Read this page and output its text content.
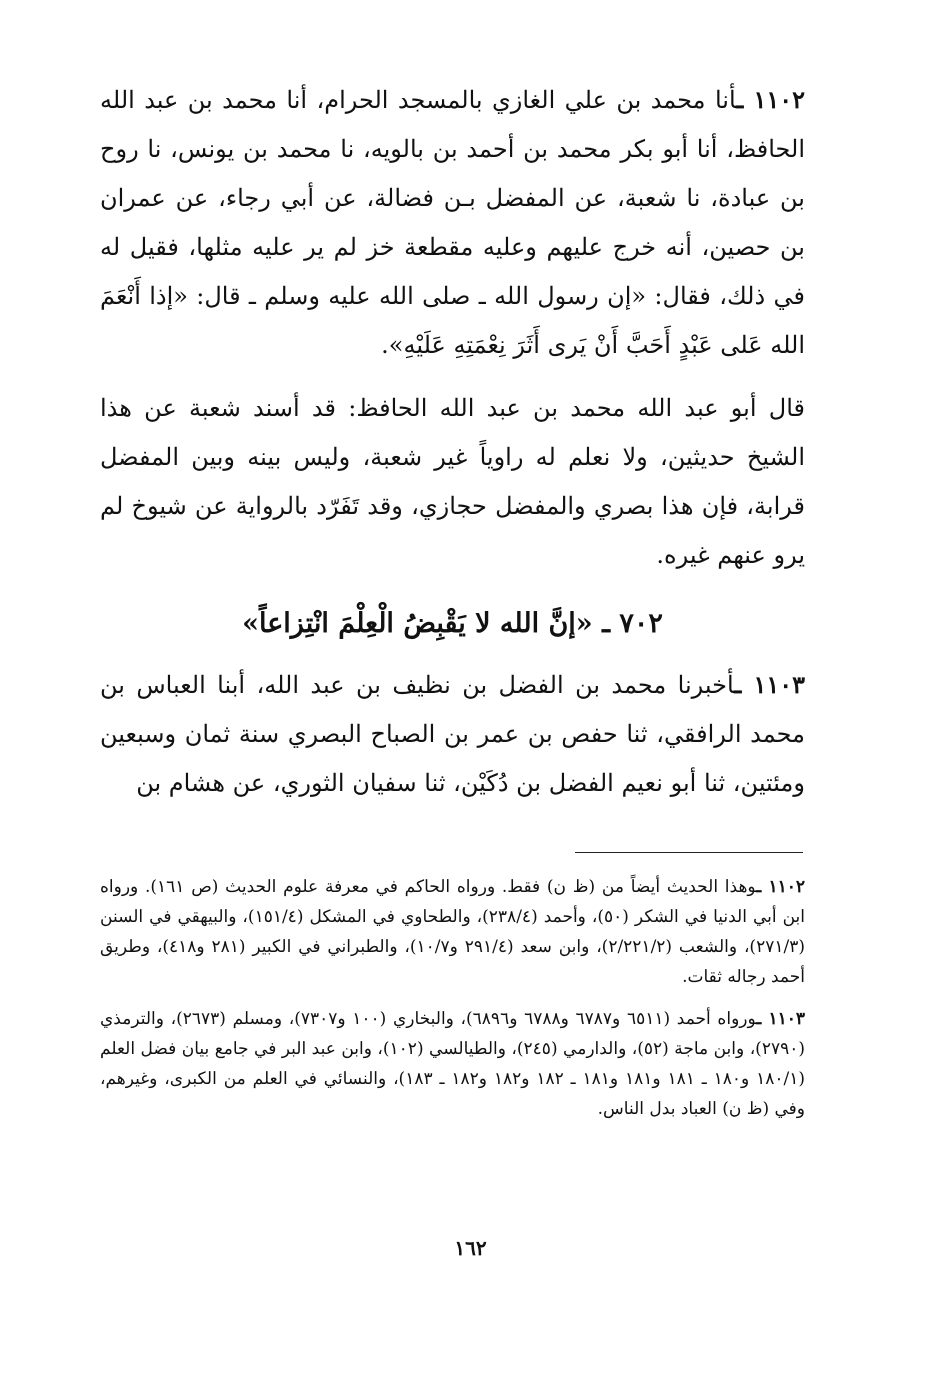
١١٠٢ ـأنا محمد بن علي الغازي بالمسجد الحرام، أنا محمد بن عبد الله الحافظ، أنا أبو بكر محمد بن أحمد بن بالويه، نا محمد بن يونس، نا روح بن عبادة، نا شعبة، عن المفضل بـن فضالة، عن أبي رجاء، عن عمران بن حصين، أنه خرج عليهم وعليه مقطعة خز لم ير عليه مثلها، فقيل له في ذلك، فقال: «إن رسول الله ـ صلى الله عليه وسلم ـ قال: «إذا أَنْعَمَ الله عَلى عَبْدٍ أَحَبَّ أَنْ يَرى أَثَرَ نِعْمَتِهِ عَلَيْهِ».

قال أبو عبد الله محمد بن عبد الله الحافظ: قد أسند شعبة عن هذا الشيخ حديثين، ولا نعلم له راوياً غير شعبة، وليس بينه وبين المفضل قرابة، فإن هذا بصري والمفضل حجازي، وقد تَفَرّد بالرواية عن شيوخ لم يرو عنهم غيره.

٧٠٢ ـ «إنَّ الله لا يَقْبِضُ الْعِلْمَ انْتِزاعاً»

١١٠٣ ـأخبرنا محمد بن الفضل بن نظيف بن عبد الله، أبنا العباس بن محمد الرافقي، ثنا حفص بن عمر بن الصباح البصري سنة ثمان وسبعين ومئتين، ثنا أبو نعيم الفضل بن دُكَيْن، ثنا سفيان الثوري، عن هشام بن

١١٠٢ ـوهذا الحديث أيضاً من (ظ ن) فقط. ورواه الحاكم في معرفة علوم الحديث (ص ١٦١). ورواه ابن أبي الدنيا في الشكر (٥٠)، وأحمد (٢٣٨/٤)، والطحاوي في المشكل (١٥١/٤)، والبيهقي في السنن (٢٧١/٣)، والشعب (٢/٢٢١/٢)، وابن سعد (٢٩١/٤ و١٠/٧)، والطبراني في الكبير (٢٨١ و٤١٨)، وطريق أحمد رجاله ثقات.

١١٠٣ ـورواه أحمد (٦٥١١ و٦٧٨٧ و٦٧٨٨ و٦٨٩٦)، والبخاري (١٠٠ و٧٣٠٧)، ومسلم (٢٦٧٣)، والترمذي (٢٧٩٠)، وابن ماجة (٥٢)، والدارمي (٢٤٥)، والطيالسي (١٠٢)، وابن عبد البر في جامع بيان فضل العلم (١٨٠/١ و١٨٠ ـ ١٨١ و١٨١ و١٨١ ـ ١٨٢ و١٨٢ و١٨٢ ـ ١٨٣)، والنسائي في العلم من الكبرى، وغيرهم، وفي (ظ ن) العباد بدل الناس.

١٦٢
